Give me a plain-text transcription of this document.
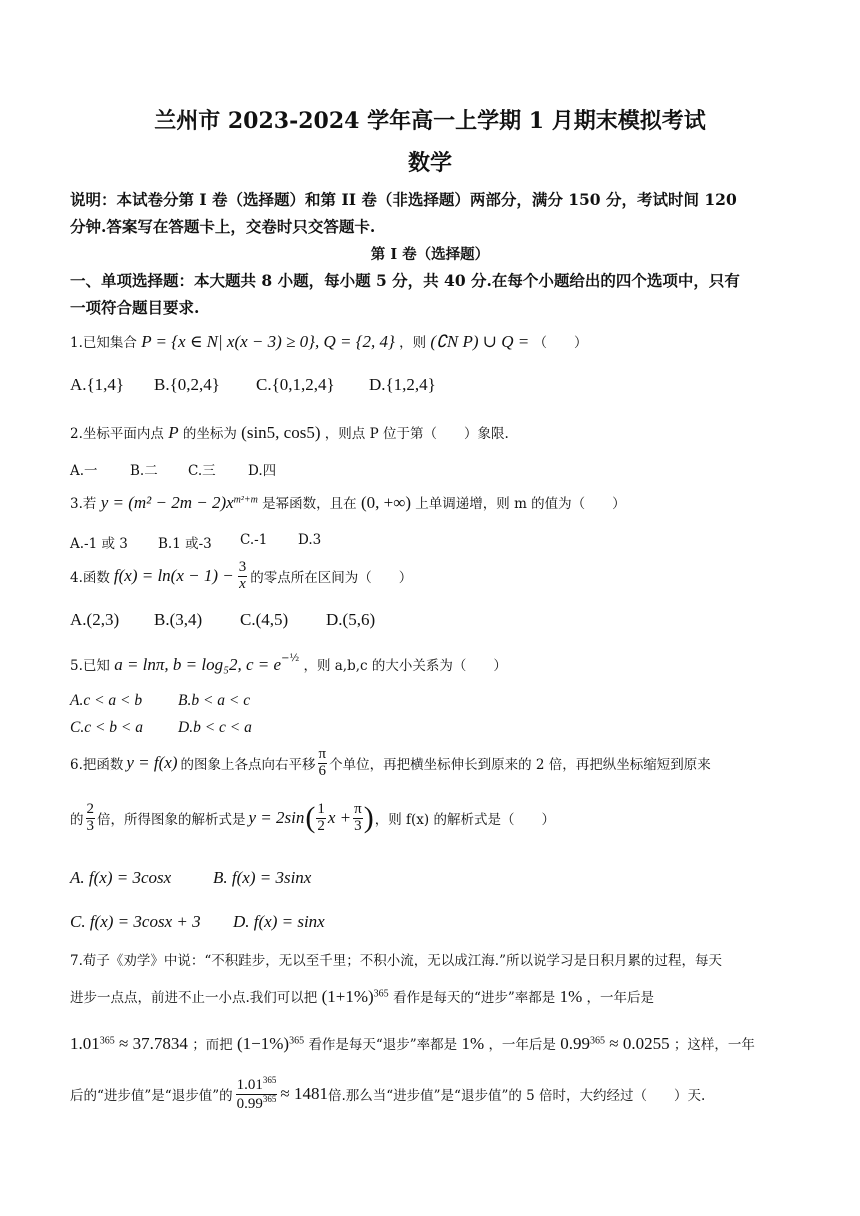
兰州市 2023-2024 学年高一上学期 1 月期末模拟考试
数学
说明：本试卷分第 I 卷（选择题）和第 II 卷（非选择题）两部分，满分 150 分，考试时间 120
分钟.答案写在答题卡上，交卷时只交答题卡.
第 I 卷（选择题）
一、单项选择题：本大题共 8 小题，每小题 5 分，共 40 分.在每个小题给出的四个选项中，只有
一项符合题目要求.
1.已知集合 P = {x ∈ N| x(x − 3) ≥ 0}, Q = {2, 4} ，则 (∁N P) ∪ Q = （　　）
A.{1,4} B.{0,2,4} C.{0,1,2,4} D.{1,2,4}
2.坐标平面内点 P 的坐标为 (sin5, cos5) ，则点 P 位于第（　　）象限.
A.一 B.二 C.三 D.四
3.若 $y = (m^2 - 2m - 2)x^{m^2+m}$ 是幂函数，且在 (0, +∞) 上单调递增，则 m 的值为（　　）
A.-1 或 3 B.1 或-3 C.-1 D.3
4.函数 $f(x) = \ln(x - 1) - \frac{3}{x}$ 的零点所在区间为（　　）
A.(2,3) B.(3,4) C.(4,5) D.(5,6)
5.已知 a = lnπ, b = log₅2, $c = e^{-\frac{1}{2}}$ ，则 a,b,c 的大小关系为（　　）
A.c < a < b B.b < a < c
C.c < b < a D.b < c < a
6.把函数 y = f(x) 的图象上各点向右平移 $\frac{\pi}{6}$ 个单位，再把横坐标伸长到原来的 2 倍，再把纵坐标缩短到原来
的 $\frac{2}{3}$ 倍，所得图象的解析式是 y = 2sin ( $\frac{1}{2}$ $x + \frac{\pi}{3}$ ) ，则 f(x) 的解析式是（　　）
A. f(x) = 3cosx B. f(x) = 3sinx
C. f(x) = 3cosx + 3 D. f(x) = sinx
7.荀子《劝学》中说：“不积跬步，无以至千里；不积小流，无以成江海.”所以说学习是日积月累的过程，每天
进步一点点，前进不止一小点.我们可以把 $(1+1\%)^{365}$ 看作是每天的“进步”率都是 1% ，一年后是
$1.01^{365} \approx 37.7834$ ；而把 $(1-1\%)^{365}$ 看作是每天“退步”率都是 1% ，一年后是 $0.99^{365} \approx 0.0255$ ；这样，一年
后的“进步值”是“退步值”的 $\frac{1.01^{365}}{0.99^{365}} \approx 1481$ 倍.那么当“进步值”是“退步值”的 5 倍时，大约经过（　　）天.
